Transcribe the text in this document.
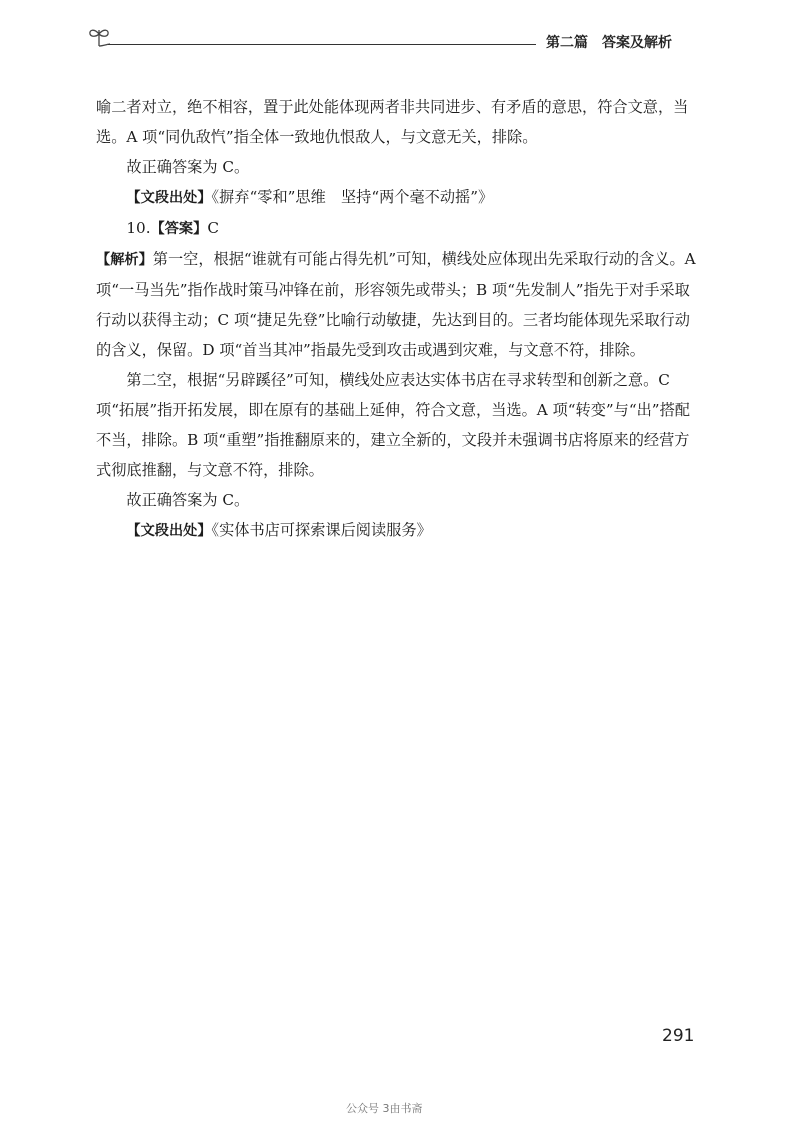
第二篇 答案及解析

喻二者对立，绝不相容，置于此处能体现两者非共同进步、有矛盾的意思，符合文意，当选。A 项“同仇敌忾”指全体一致地仇恨敌人，与文意无关，排除。

故正确答案为 C。

【文段出处】《摒弃“零和”思维　坚持“两个毫不动摇”》

10.【答案】C

【解析】第一空，根据“谁就有可能占得先机”可知，横线处应体现出先采取行动的含义。A 项“一马当先”指作战时策马冲锋在前，形容领先或带头；B 项“先发制人”指先于对手采取行动以获得主动；C 项“捷足先登”比喻行动敏捷，先达到目的。三者均能体现先采取行动的含义，保留。D 项“首当其冲”指最先受到攻击或遇到灾难，与文意不符，排除。

第二空，根据“另辟蹊径”可知，横线处应表达实体书店在寻求转型和创新之意。C 项“拓展”指开拓发展，即在原有的基础上延伸，符合文意，当选。A 项“转变”与“出”搭配不当，排除。B 项“重塑”指推翻原来的，建立全新的，文段并未强调书店将原来的经营方式彻底推翻，与文意不符，排除。

故正确答案为 C。

【文段出处】《实体书店可探索课后阅读服务》

291
公众号 3由书斋
